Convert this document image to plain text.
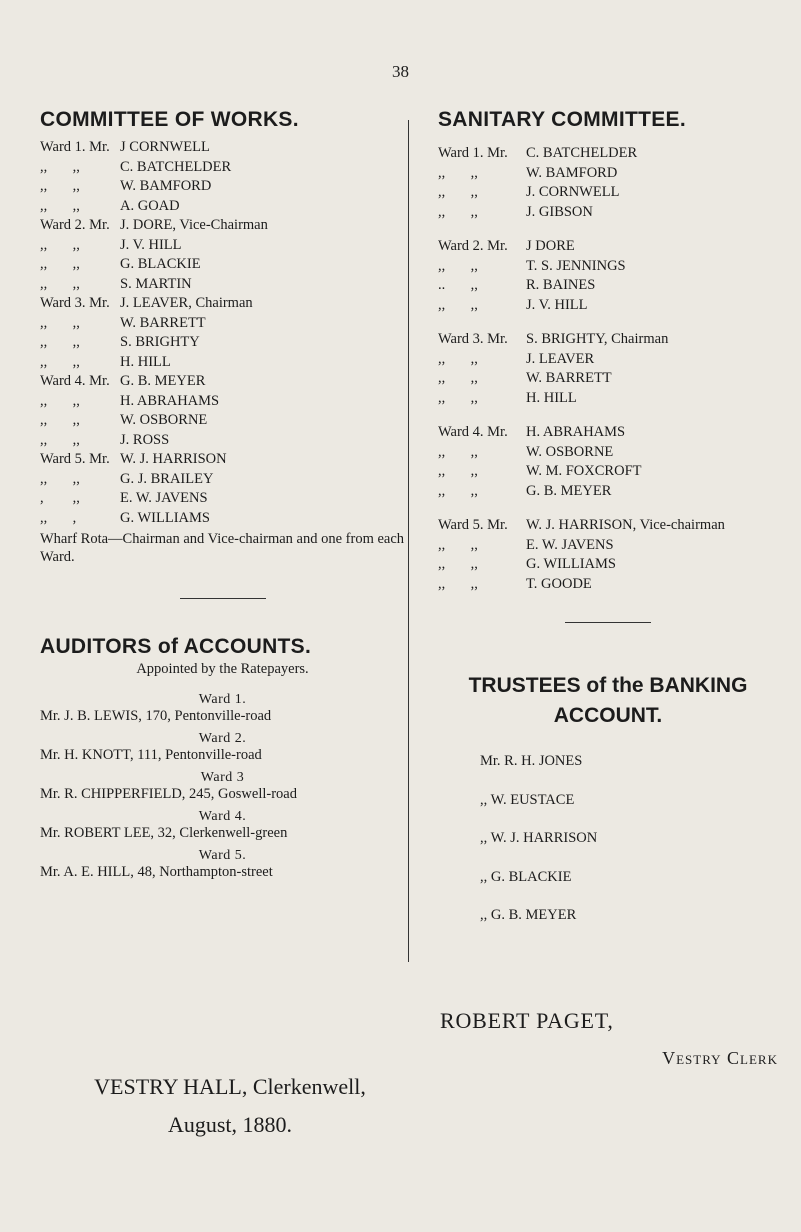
38
COMMITTEE OF WORKS.
Ward 1. Mr. J CORNWELL
,,       ,,	C. BATCHELDER
,,       ,,	W. BAMFORD
,,       ,,	A. GOAD
Ward 2. Mr. J. DORE, Vice-Chairman
,,       ,,	J. V. HILL
,,       ,,	G. BLACKIE
,,       ,,	S. MARTIN
Ward 3. Mr. J. LEAVER, Chairman
,,       ,,	W. BARRETT
,,       ,,	S. BRIGHTY
,,       ,,	H. HILL
Ward 4. Mr. G. B. MEYER
,,       ,,	H. ABRAHAMS
,,       ,,	W. OSBORNE
,,       ,,	J. ROSS
Ward 5. Mr. W. J. HARRISON
,,       ,,	G. J. BRAILEY
,        ,,	E. W. JAVENS
,,       ,	G. WILLIAMS
Wharf Rota—Chairman and Vice-chairman and one from each Ward.
AUDITORS of ACCOUNTS.
Appointed by the Ratepayers.
Ward 1.
Mr. J. B. LEWIS, 170, Pentonville-road
Ward 2.
Mr. H. KNOTT, 111, Pentonville-road
Ward 3
Mr. R. CHIPPERFIELD, 245, Goswell-road
Ward 4.
Mr. ROBERT LEE, 32, Clerkenwell-green
Ward 5.
Mr. A. E. HILL, 48, Northampton-street
SANITARY COMMITTEE.
Ward 1. Mr.	C. BATCHELDER
,,       ,,	W. BAMFORD
,,       ,,	J. CORNWELL
,,       ,,	J. GIBSON
Ward 2. Mr.	J DORE
,,       ,,	T. S. JENNINGS
..       ,,	R. BAINES
,,       ,,	J. V. HILL
Ward 3. Mr.	S. BRIGHTY, Chairman
,,       ,,	J. LEAVER
,,       ,,	W. BARRETT
,,       ,,	H. HILL
Ward 4. Mr.	H. ABRAHAMS
,,       ,,	W. OSBORNE
,,       ,,	W. M. FOXCROFT
,,       ,,	G. B. MEYER
Ward 5. Mr.	W. J. HARRISON, Vice-chairman
,,       ,,	E. W. JAVENS
,,       ,,	G. WILLIAMS
,,       ,,	T. GOODE
TRUSTEES of the BANKING ACCOUNT.
Mr. R. H. JONES
,, W. EUSTACE
,, W. J. HARRISON
,, G. BLACKIE
,, G. B. MEYER
ROBERT PAGET,
Vestry Clerk
VESTRY HALL, Clerkenwell,
August, 1880.
